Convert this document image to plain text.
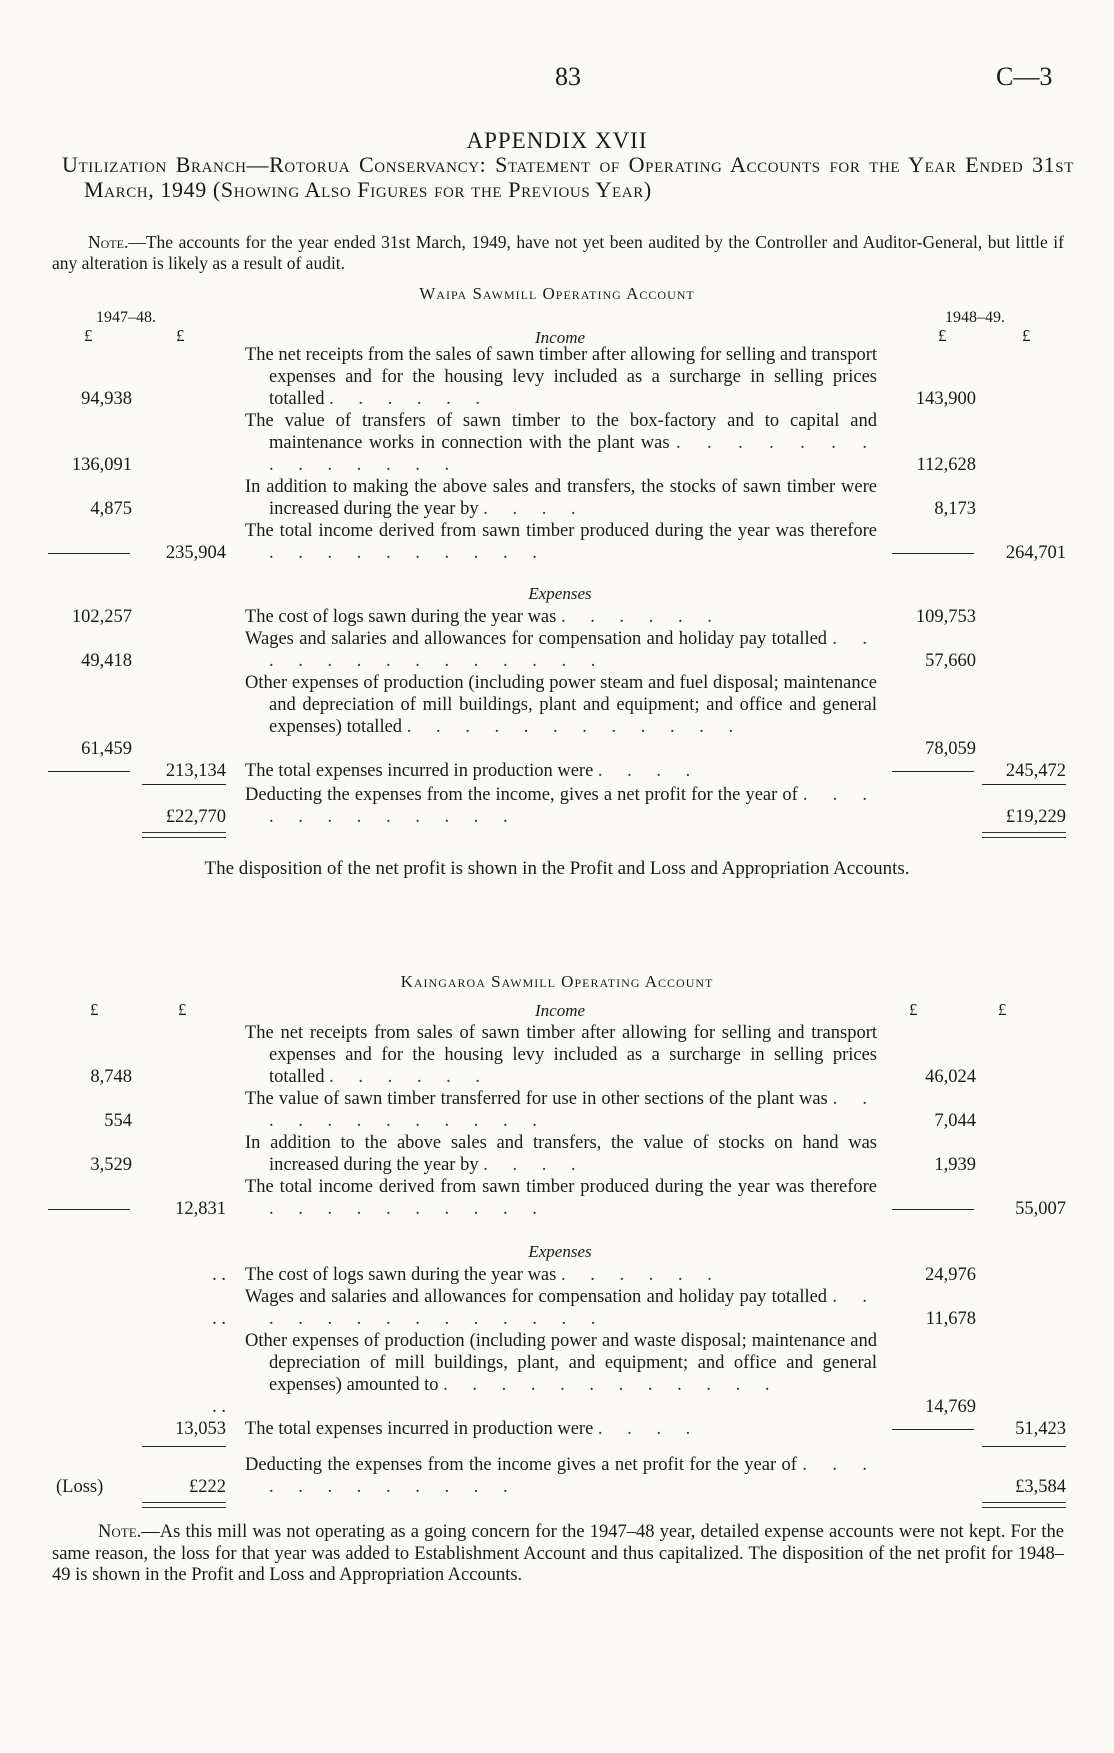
83	C—3
APPENDIX XVII
Utilization Branch—Rotorua Conservancy: Statement of Operating Accounts for the Year Ended 31st March, 1949 (Showing Also Figures for the Previous Year)
Note.—The accounts for the year ended 31st March, 1949, have not yet been audited by the Controller and Auditor-General, but little if any alteration is likely as a result of audit.
Waipa Sawmill Operating Account
1947–48.	1948–49.
£	£	£	£
Income
The net receipts from the sales of sawn timber after allowing for selling and transport expenses and for the housing levy included as a surcharge in selling prices totalled . . . . . .
94,938	143,900
The value of transfers of sawn timber to the box-factory and to capital and maintenance works in connection with the plant was . . . . . . . . . . . . . .
136,091	112,628
In addition to making the above sales and transfers, the stocks of sawn timber were increased during the year by . . . .
4,875	8,173
The total income derived from sawn timber produced during the year was therefore . . . . . . . . . .
235,904	264,701
Expenses
The cost of logs sawn during the year was . . . . . .
102,257	109,753
Wages and salaries and allowances for compensation and holiday pay totalled . . . . . . . . . . . . . .
49,418	57,660
Other expenses of production (including power steam and fuel disposal; maintenance and depreciation of mill buildings, plant and equipment; and office and general expenses) totalled . . . . . . . . . . . .
61,459	78,059
The total expenses incurred in production were . . . .
213,134	245,472
Deducting the expenses from the income, gives a net profit for the year of . . . . . . . . . . . .
£22,770	£19,229
The disposition of the net profit is shown in the Profit and Loss and Appropriation Accounts.
Kaingaroa Sawmill Operating Account
£	£	£	£
Income
The net receipts from sales of sawn timber after allowing for selling and transport expenses and for the housing levy included as a surcharge in selling prices totalled . . . . . .
8,748	46,024
The value of sawn timber transferred for use in other sections of the plant was . . . . . . . . . . . .
554	7,044
In addition to the above sales and transfers, the value of stocks on hand was increased during the year by . . . .
3,529	1,939
The total income derived from sawn timber produced during the year was therefore . . . . . . . . . .
12,831	55,007
Expenses
The cost of logs sawn during the year was . . . . . .
. .	24,976
Wages and salaries and allowances for compensation and holiday pay totalled . . . . . . . . . . . . . .
. .	11,678
Other expenses of production (including power and waste disposal; maintenance and depreciation of mill buildings, plant, and equipment; and office and general expenses) amounted to . . . . . . . . . . . .
. .	14,769
The total expenses incurred in production were . . . .
13,053	51,423
Deducting the expenses from the income gives a net profit for the year of . . . . . . . . . . . .
(Loss)	£222	£3,584
Note.—As this mill was not operating as a going concern for the 1947–48 year, detailed expense accounts were not kept. For the same reason, the loss for that year was added to Establishment Account and thus capitalized. The disposition of the net profit for 1948–49 is shown in the Profit and Loss and Appropriation Accounts.
